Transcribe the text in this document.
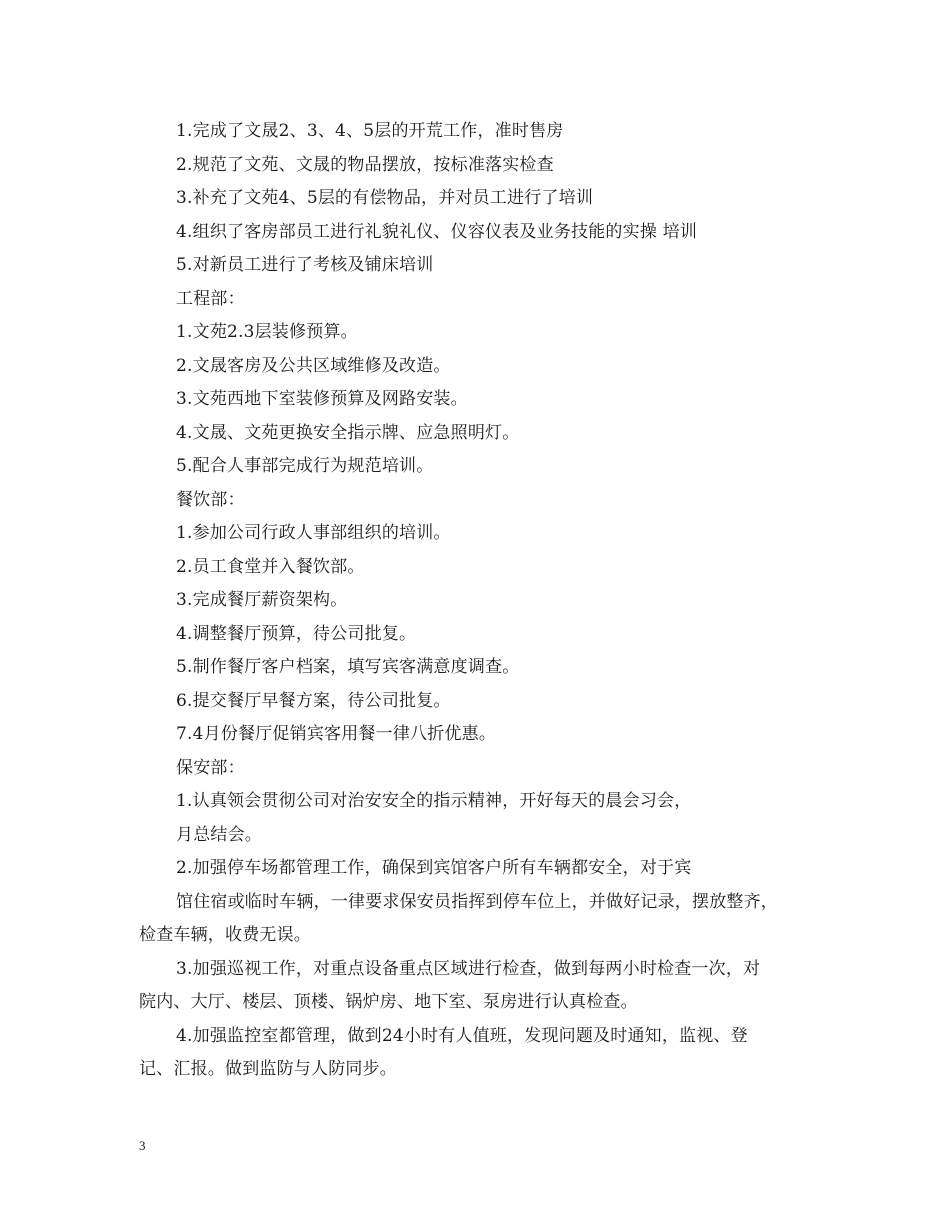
1.完成了文晟2、3、4、5层的开荒工作，准时售房
2.规范了文苑、文晟的物品摆放，按标准落实检查
3.补充了文苑4、5层的有偿物品，并对员工进行了培训
4.组织了客房部员工进行礼貌礼仪、仪容仪表及业务技能的实操 培训
5.对新员工进行了考核及铺床培训
工程部：
1.文苑2.3层装修预算。
2.文晟客房及公共区域维修及改造。
3.文苑西地下室装修预算及网路安装。
4.文晟、文苑更换安全指示牌、应急照明灯。
5.配合人事部完成行为规范培训。
餐饮部：
1.参加公司行政人事部组织的培训。
2.员工食堂并入餐饮部。
3.完成餐厅薪资架构。
4.调整餐厅预算，待公司批复。
5.制作餐厅客户档案，填写宾客满意度调查。
6.提交餐厅早餐方案，待公司批复。
7.4月份餐厅促销宾客用餐一律八折优惠。
保安部：
1.认真领会贯彻公司对治安安全的指示精神，开好每天的晨会习会，
月总结会。
2.加强停车场都管理工作，确保到宾馆客户所有车辆都安全，对于宾
馆住宿或临时车辆，一律要求保安员指挥到停车位上，并做好记录，摆放整齐，
检查车辆，收费无误。
3.加强巡视工作，对重点设备重点区域进行检查，做到每两小时检查一次，对
院内、大厅、楼层、顶楼、锅炉房、地下室、泵房进行认真检查。
4.加强监控室都管理，做到24小时有人值班，发现问题及时通知，监视、登
记、汇报。做到监防与人防同步。
3
